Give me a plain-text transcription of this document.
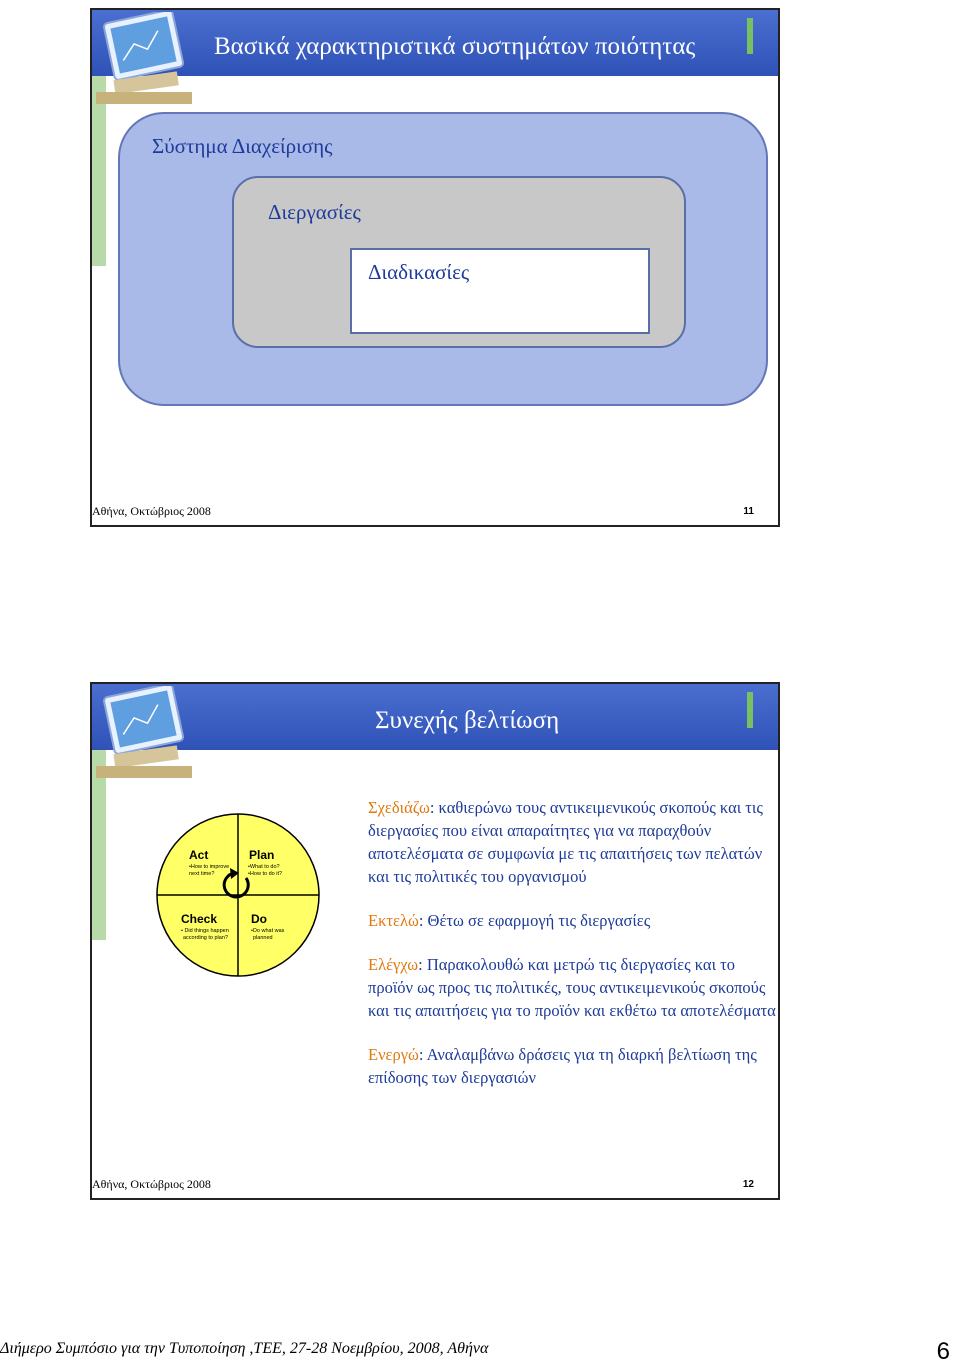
Βασικά χαρακτηριστικά συστημάτων ποιότητας
Σύστημα Διαχείρισης
Διεργασίες
Διαδικασίες
Αθήνα, Οκτώβριος 2008	11
Συνεχής βελτίωση
Act
•How to improve
next time?
Plan
•What to do?
•How to do it?
Check
• Did things happen
according to plan?
Do
•Do what was
planned

Σχεδιάζω: καθιερώνω τους αντικειμενικούς σκοπούς και τις διεργασίες που είναι απαραίτητες για να παραχθούν αποτελέσματα σε συμφωνία με τις απαιτήσεις των πελατών και τις πολιτικές του οργανισμού

Εκτελώ: Θέτω σε εφαρμογή τις διεργασίες

Ελέγχω: Παρακολουθώ και μετρώ τις διεργασίες και το προϊόν ως προς τις πολιτικές, τους αντικειμενικούς σκοπούς και τις απαιτήσεις για το προϊόν και εκθέτω τα αποτελέσματα

Ενεργώ: Αναλαμβάνω δράσεις για τη διαρκή βελτίωση της επίδοσης των διεργασιών

Αθήνα, Οκτώβριος 2008	12
Διήμερο Συμπόσιο για την Τυποποίηση ,ΤΕΕ, 27-28 Νοεμβρίου, 2008, Αθήνα	6
